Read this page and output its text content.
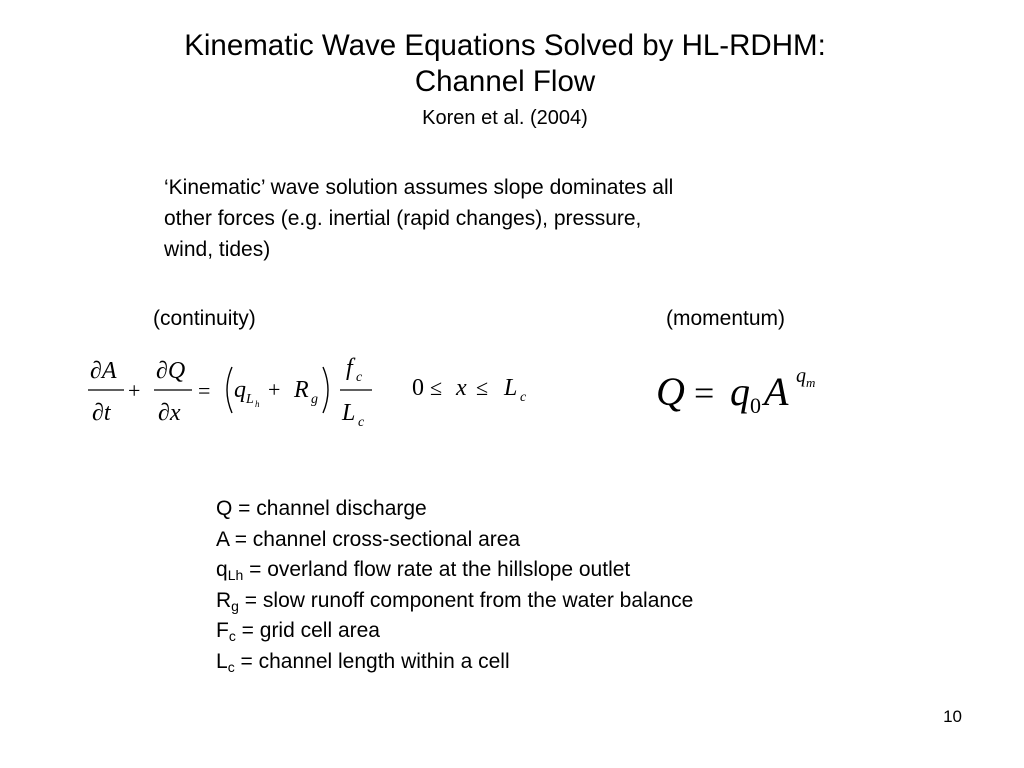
Kinematic Wave Equations Solved by HL-RDHM:
Channel Flow
Koren et al. (2004)
‘Kinematic’ wave solution assumes slope dominates all
other forces (e.g. inertial (rapid changes), pressure,
wind, tides)
(continuity)	(momentum)
∂A
∂t
+
∂Q
∂x
= q L h
+ R g
f c
L c
0 ≤ x ≤ L c	Q = q 0 A q m
Q = channel discharge
A = channel cross-sectional area
$q_{Lh}$ = overland flow rate at the hillslope outlet
$R_g$ = slow runoff component from the water balance
$F_c$ = grid cell area
$L_c$ = channel length within a cell
10
